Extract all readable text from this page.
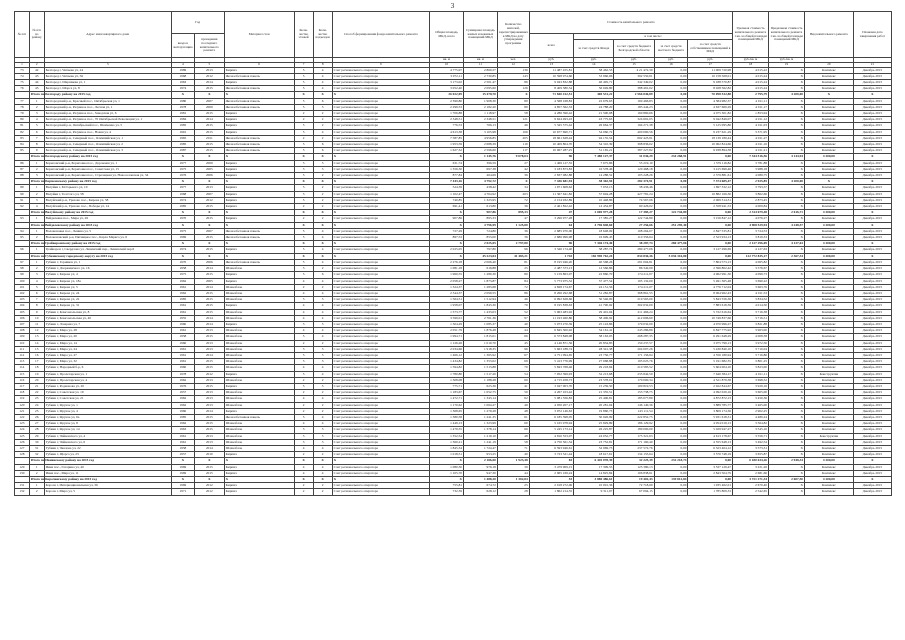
3
№ п/п	№ п/п по району	Адрес многоквартирного дома	Год		Материал стен	Коли-чество этажей	Коли-чество подъездов	Способ формирования фонда капитального ремонта	Общая площадь МКД, всего	Суммарная площадь жилых и нежилых помещений МКД	Количество жителей, зарегистрированных в МКД на дату утверждения программы	Стоимость капитального ремонта					Удельная стоимость капитального ремонта 1 кв. м общей площади помещений МКД	Предельная стоимость капитального ремонта 1 кв. м общей площади помещений МКД	Вид капитального ремонта	Плановая дата завершения работ
			ввода в эксплуатацию	проведения последнего капитального ремонта								всего	в том числе:							
													за счет средств Фонда	за счет средств бюджета Белгородской области	за счет средств местного бюджета	за счет средств собственников помещений в МКД				
									кв. м	кв. м	чел.	руб.	руб.	руб.	руб.	руб.	руб./кв. м	руб./кв. м		
1	2	3	4	5	6	7	8	9	10	11	12	13	14	15	16	17	18	19	20	21
73	42	Белгород г, Чапаева ул, 24	1989	2013	Кирпич	5	4	Счет регионального оператора	4 775,97	2 860,57	136	11 487 455,81	58 462,53	4 21 472,30	0,00	11 009 720,98	4 015,22	X	Комплекс	Декабрь 2015
74	43	Белгород г, Чапаева ул, 56	1968	2012	Железобетонная панель	5	4	Счет регионального оператора	3 972,11	2 730,85	143	10 598 974,66	53 966,06	392 550,61	0,00	10 158 568,01	4 015,24	X	Комплекс	Декабрь 2015
75	44	Белгород г, Шершнева ул, 1	1963	2014	Кирпич	5	4	Счет регионального оператора	3 173,02	2 501,47	86	9 043 832,88	46 495,71	342 349,02	0,00	9 188 570,87	4 015,24	X	Комплекс	Декабрь 2015
76	45	Белгород г, Шорса ул, 8	1974	2015	Железобетонная панель	5	4	Счет регионального оператора	3 052,40	2 095,60	126	8 409 380,54	56 049,80	388 491,02	0,00	8 028 562,82	4 015,24	X	Комплекс	Декабрь 2015
	Итого по Белгороду району на 2015 год		X	X	X	X	X	X	26 022,09	15 478,70	X	71 840 412,51	400 531,22	2 566 846,89	0,00	70 098 532,88	2 795,79	4 200,00	X	X
77	1	Белгородский р-н, Красный пос., Октябрьская ул, 1	1980	2007	Железобетонная панель	5	6	Счет регионального оператора	2 399,80	1 908,30	80	4 568 168,83	22 679,63	160 466,83	0,00	4 384 982,37	4 011,11	X	Комплекс	Декабрь 2015
78	2	Белгородский р-н, Разумное пос., Лесная ул, 1	1978	2009	Железобетонная панель	5	3	Счет регионального оператора	2 299,53	2 182,20	80	4 857 362,33	24 788,20	183 444,23	0,00	4 637 669,29	4 011,17	X	Комплекс	Декабрь 2015
79	3	Белгородский р-н, Разумное пос., Заводская ул, 6	1981	2015	Кирпич	2	2	Счет регионального оператора	1 706,88	1 118,97	58	4 286 396,42	21 590,08	160 860,66	0,00	4 075 301,82	1 853,94	X	Комплекс	Декабрь 2015
80	4	Белгородский р-н, Разумное пос., 70 Октябрьской Революции ул, 1	1984	2014	Кирпич	2	2	Счет регионального оператора	2 348,51	2 348,51	121	9 624 493,43	43 775,63	324 691,05	0,00	9 042 849,07	4 011,12	X	Комплекс	Декабрь 2015
81	5	Белгородский р-н, Октябрьский пос., Шевченко ул, 5	1985	2015	Кирпич	5	2	Счет регионального оператора	776,53	766,13	46	5 345 575,42	26 664,37	194 271,38	0,00	5 125 095,86	4 011,03	X	Комплекс	Декабрь 2015
82	6	Белгородский р-н, Разумное пос., Новая ул, 4	1991	2015	Кирпич	5	4	Счет регионального оператора	4 613,38	3 105,98	166	10 677 690,71	54 060,72	400 060,56	0,00	9 237 621,29	3 371,95	X	Комплекс	Декабрь 2015
83	7	Белгородский р-н, Северный пос., Олимпийская ул, 1	1965	2011	Железобетонная панель	2	2	Счет регионального оператора	7 587,85	4 956,85	205	18 661 628,44	94 135,54	692 423,91	0,00	18 139 180,44	4 011,27	X	Комплекс	Декабрь 2015
84	8	Белгородский р-н, Северный пос., Олимпийская ул, 2	1985	2015	Железобетонная панель	5	6	Счет регионального оператора	1 953,59	2 688,39	119	10 409 804,70	54 310,39	398 836,02	0,00	10 062 824,66	4 011,16	X	Комплекс	Декабрь 2015
85	9	Белгородский р-н, Северный пос., Олимпийская ул, 3	1987	2015	Железобетонная панель	5	6	Счет регионального оператора	1 627,32	2 596,60	117	10 067 287,25	51 165,21	387 227,82	0,00	9 938 894,38	4 011,21	X	Комплекс	Декабрь 2015
	Итого по Белгородскому району на 2015 год		X	X	X	X	X	X	X	1 145,76	9 078,04	96	7 480 127,37	31 036,29	234 268,91	0,00	7 344 516,56	4 144,94	4 200,00	X
86	1	Борисовский р-н, Борисовка пос., Дорожная ул, 1	1977	2009	Кирпич	3	3	Счет регионального оператора	631,74	396,59	27	1 469 127,55	7 675,86	55 219,10	0,00	1 579 116,82	3 781,88	X	Комплекс	Декабрь 2015
87	2	Борисовский р-н, Борисовка пос., Советская ул, 15	1975	2005	Кирпич	3	3	Счет регионального оператора	1 356,30	697,38	42	3 183 873,83	16 578,46	120 468,18	0,00	3 415 699,46	3 988,18	X	Комплекс	Декабрь 2015
88	3	Борисовский р-н, Борисовка пос., Стрелецкая ул, Новоселовская ул, 34	1976	2006	Кирпич	5	2	Счет регионального оператора	877,84	464,69	36	2 837 082,88	14 288,52	105 228,26	0,00	2 379 881,61	4 089,75	X	Комплекс	Декабрь 2015
	Итого по Борисовскому району на 2015 год		X	X	X	X	X	X	7 443,16	4 792,72	X	7 436 681,94	38 362,94	282 374,91	0,00	7 374 685,47	2 925,85	4 200,00	X	X
89	1	Валуйки г, М.Горького ул, 10	1977	2013	Кирпич	3	2	Счет регионального оператора	524,39	438,42	34	1 971 608,62	7 033,15	38 436,46	0,00	1 697 332,12	3 793,57	X	Комплекс	Декабрь 2015
90	2	Валуйки г, Толстого ул, 58	1968	2007	Кирпич	3	2	Счет регионального оператора	1 102,47	4 704,92	203	11 367 641,82	57 694,28	427 781,24	0,00	10 882 166,30	3 862,66	X	Комплекс	Декабрь 2015
91	3	Валуйский р-н, Уразово пос., Кирова ул, 58	1974	2012	Кирпич	5	2	Счет регионального оператора	740,85	1 323,95	72	2 154 932,89	10 448,86	74 567,06	0,00	2 069 314,31	2 873,45	X	Комплекс	Декабрь 2015
92	4	Валуйский р-н, Уразово пос., Победы ул, 14	1985	2015	Кирпич	2	2	Счет регионального оператора	691,41	613,80	36	2 461 822,42	12 454,87	90 426,02	0,00	2 358 941,53	4 009,84	X	Комплекс	Декабрь 2015
	Итого по Валуйскому району на 2015 год		X	X	X	X	X	X	X	907,86	895,33	47	2 069 977,28	17 385,27	122 744,89	0,00	2 314 679,48	2 616,71	4 200,00	X
93	1	Вейделевка пос., Мира ул, 26	1970	2015	Кирпич	2	2	Счет регионального оператора	907,86	895,33	47	3 296 977,28	17 385,27	122 744,89	0,00	3 156 847,12	4 076,27	X	Комплекс	Декабрь 2015
	Итого по Вейделевскому району на 2015 год		X	X	X	X	X	X	X	4 796,99	1 125,80	64	4 796 848,60	27 256,66	251 295,40	0,00	4 908 529,94	4 248,57	4 200,00	X
94	1	Волоконовка пос., Ленина ул, 5	1975	2007	Железобетонная панель	5	4	Счет регионального оператора	727,29	724,80	36	2 685 970,00	18 648,09	108 264,07	0,00	2 847 535,81	3 724,53	X	Комплекс	Декабрь 2015
95	2	Волоконовский р-н, Пятницкое пос., Карла Маркса ул, 6	1969	2015	Железобетонная панель	5	4	Счет регионального оператора	897,53	855,00	36	2 686 996,98	16 699,45	110 356,64	0,00	2 523 934,13	3 819,33	X	Комплекс	Декабрь 2015
	Итого по Грайворонскому району на 2015 год		X	X	X	X	X	X	X	2 025,05	2 797,80	96	7 346 174,40	38 287,74	280 477,06	0,00	2 127 296,69	4 127,63	4 200,00	X
96	1	Грайворон г, Свердлова ул, Ленинский пер., Ленинский пер.6	1974	2015	Кирпич	5	4	Счет регионального оператора	2 025,05	797,80	96	3 346 174,40	38 287,74	280 477,06	0,00	3 127 296,69	4 127,63	X	Комплекс	Декабрь 2015
	Итого по Губкинскому городскому округу на 2015 год		X	X	X	X	X	X	X	45 223,04	41 483,21	1 743	182 990 762,24	834 836,46	5 036 316,80	0,00	122 772 835,17	2 367,34	4 200,00	X
97	1	Губкин г, Горняков ул, 1	1970	2006	Железобетонная панель	5	4	Счет регионального оператора	2 276,18	2 066,40	81	8 195 946,20	40 568,26	291 004,81	0,00	7 804 573,13	4 065,82	X	Комплекс	Декабрь 2015
98	2	Губкин г, Дзержинского ул, 16	1958	2014	Шлакоблок	3	2	Счет регионального оператора	1 081,18	616,88	25	2 487 373,13	12 566,86	86 342,09	0,00	2 396 802,42	3 576,67	X	Комплекс	Декабрь 2015
99	3	Губкин г, Кирова ул, 4	1975	2015	Кирпич	5	6	Счет регионального оператора	1 960,55	1 280,30	80	5 159 863,07	22 860,70	174 211,07	0,00	4 962 991,30	4 099,73	X	Комплекс	Декабрь 2015
100	4	Губкин г, Кирова ул, 18а	1962	2005	Кирпич	4	4	Счет регионального оператора	2 058,27	1 873,87	84	5 773 975,32	37 477,54	195 132,00	0,00	5 491 365,48	3 690,22	X	Комплекс	Декабрь 2015
101	5	Губкин г, Кирова ул, 5	1961	2014	Шлакоблок	2	2	Счет регионального оператора	1 324,37	1 283,68	72	4 828 174,67	24 151,56	174 211,07	0,00	4 776 712,04	3 663,76	X	Комплекс	Декабрь 2015
102	6	Губкин г, Кирова ул, 24	1962	2015	Шлакоблок	4	4	Счет регионального оператора	2 344,37	2 099,55	86	8 266 292,68	51 282,87	368 861,55	0,00	8 064 962,43	4 011,53	X	Комплекс	Декабрь 2015
103	7	Губкин г, Кирова ул, 22	1985	2015	Шлакоблок	3	3	Счет регионального оператора	1 564,51	1 512,94	46	6 092 628,66	30 546,00	219 565,00	0,00	5 843 556,36	3 834,52	X	Комплекс	Декабрь 2015
104	8	Губкин г, Кирова ул, 31	1961	2015	Кирпич	4	4	Счет регионального оператора	1 958,07	1 843,30	70	8 195 838,63	41 790,92	302 632,00	0,00	7 883 618,39	4 014,50	X	Комплекс	Декабрь 2015
105	9	Губкин г, Комсомольская ул, 8	1961	2015	Шлакоблок	4	4	Счет регионального оператора	1 573,77	1 433,03	52	5 963 483,92	29 401,04	211 466,24	0,00	5 722 616,64	3 716,38	X	Комплекс	Декабрь 2015
106	10	Губкин г, Комсомольская ул, 40	1955	2014	Шлакоблок	4	4	Счет регионального оператора	3 599,01	2 761,36	97	11 193 460,86	58 406,92	412 696,60	0,00	10 749 837,66	3 716,51	X	Комплекс	Декабрь 2015
107	11	Губкин г, Лазарева ул, 7	1960	2014	Кирпич	3	3	Счет регионального оператора	1 304,29	1 085,37	40	5 073 270,39	25 143,86	179 032,00	0,00	4 970 996,27	3 821,88	X	Комплекс	Декабрь 2015
108	12	Губкин г, Мира ул, 28	1961	2013	Шлакоблок	4	4	Счет регионального оператора	2 051,79	1 876,48	44	6 845 300,92	34 161,41	243 286,89	0,00	6 847 775,92	3 963,00	X	Комплекс	Декабрь 2015
109	13	Губкин г, Мира ул, 20	1958	2015	Шлакоблок	5	4	Счет регионального оператора	1 994,71	1 815,01	66	6 573 848,08	38 163,05	268 287,35	0,00	6 291 648,29	4 008,38	X	Комплекс	Декабрь 2015
110	14	Губкин г, Мира ул, 14	1960	2013	Шлакоблок	2	2	Счет регионального оператора	1 126,26	1 010,70	45	4 146 871,56	20 834,85	150 237,57	0,00	3 975 799,13	3 972,50	X	Комплекс	Декабрь 2015
111	15	Губкин г, Мира ул, 24	1961	2013	Шлакоблок	3	3	Счет регионального оператора	2 034,66	1 918,35	96	5 663 188,74	28 341,38	204 007,26	0,00	5 430 840,10	3 710,04	X	Комплекс	Декабрь 2015
112	16	Губкин г, Мира ул, 27	1961	2014	Шлакоблок	3	3	Счет регионального оператора	1 466,12	1 365,92	67	4 751 094,65	23 756,77	171 156,94	0,00	4 556 180,94	3 716,86	X	Комплекс	Декабрь 2015
113	17	Губкин г, Мира ул, 32	1961	2015	Шлакоблок	3	3	Счет регионального оператора	1 434,82	1 353,02	69	5 413 776,99	27 068,88	195 025,76	0,00	5 191 682,35	3 801,25	X	Комплекс	Декабрь 2015
114	18	Губкин г, Народный б-р, 6	1960	2015	Шлакоблок	4	4	Счет регионального оператора	1 594,82	1 513,88	70	5 843 768,46	29 218,84	210 585,52	0,00	5 604 004,10	3 823,00	X	Комплекс	Декабрь 2015
115	19	Губкин г, Пролетарская ул, 1	1978	2012	Кирпич	5	4	Счет регионального оператора	1 780,80	1 517,20	54	7 952 399,93	32 213,68	235 842,50	0,00	7 640 384,17	4 011,11	X	Конструктив	Декабрь 2015
116	20	Губкин г, Пролетарская ул, 4	1962	2013	Шлакоблок	2	2	Счет регионального оператора	1 308,08	1 188,28	60	4 715 458,73	23 578,01	170 000,34	0,00	4 521 879,38	3 698,32	X	Комплекс	Декабрь 2015
117	21	Губкин г, Родионова ул, 20	1976	2015	Кирпич	5	5	Счет регионального оператора	775,71	625,36	41	3 047 903,70	15 239,50	109 819,53	0,00	2 922 844,67	3 929,16	X	Комплекс	Декабрь 2015
118	22	Губкин г, Советская ул, 19	1957	2013	Шлакоблок	2	2	Счет регионального оператора	1 183,67	1 052,75	50	4 267 103,42	21 335,51	153 738,75	0,00	4 092 029,16	3 605,00	X	Комплекс	Декабрь 2015
119	23	Губкин г, Советская ул, 21	1962	2013	Шлакоблок	4	4	Счет регионального оператора	1 472,71	1 343,14	62	5 081 356,83	25 406,81	183 077,89	0,00	4 872 872,13	3 450,36	X	Комплекс	Декабрь 2015
120	24	Губкин г, Фрунзе ул, 1	1962	2013	Шлакоблок	2	2	Счет регионального оператора	1 170,62	1 064,27	49	4 056 207,17	20 281,04	146 140,36	0,00	3 889 785,77	3 465,00	X	Комплекс	Декабрь 2015
121	25	Губкин г, Фрунзе ул, 4	1960	2014	Кирпич	2	2	Счет регионального оператора	1 368,65	1 279,28	48	3 972 146,63	19 860,73	143 111,54	0,00	3 809 174,36	2 902,25	X	Комплекс	Декабрь 2015
122	26	Губкин г, Фрунзе ул, 6а	1985	2015	Железобетонная панель	5	4	Счет регионального оператора	1 380,58	1 241,35	61	6 185 398,05	30 926,99	222 852,75	0,00	5 931 618,31	4 480,24	X	Комплекс	Декабрь 2015
123	27	Губкин г, Фрунзе ул, 8	1962	2015	Шлакоблок	4	4	Счет регионального оператора	1 449,13	1 323,99	60	5 165 978,94	25 829,89	186 129,92	0,00	4 954 019,13	3 564,82	X	Комплекс	Декабрь 2015
124	28	Губкин г, Фрунзе ул, 14	1963	2015	Шлакоблок	3	3	Счет регионального оператора	1 479,55	1 378,14	66	5 245 173,14	26 225,87	189 000,00	0,00	5 029 947,27	3 545,10	X	Комплекс	Декабрь 2015
125	29	Губкин г, Чайковского ул, 4	1961	2013	Шлакоблок	3	3	Счет регионального оператора	1 352,54	1 219,10	48	4 810 553,07	24 052,77	173 321,63	0,00	4 613 178,67	3 556,71	X	Конструктив	Декабрь 2015
126	30	Губкин г, Чайковского ул, 6	1961	2013	Шлакоблок	3	3	Счет регионального оператора	1 360,21	1 241,19	58	4 750 561,34	23 752,81	171 160,40	0,00	4 555 648,13	3 492,54	X	Комплекс	Декабрь 2015
127	31	Губкин г, Чкалова ул, 22	1958	2014	Шлакоблок	4	4	Счет регионального оператора	1 845,34	1 724,47	71	6 593 946,61	32 969,73	237 572,76	0,00	6 323 404,12	3 573,31	X	Комплекс	Декабрь 2015
128	32	Губкин г, Щорса ул, 23	1957	2010	Кирпич	2	2	Счет регионального оператора	1 018,51	953,25	40	3 723 521,44	18 617,61	134 155,64	0,00	3 570 748,19	3 655,87	X	Комплекс	Декабрь 2015
	Итого по Ивнянскому району на 2015 год		X	X	X	X	X	X	X	2 186,00	1 923,48	83	6 445 078,39	32 225,39	232 218,74	0,00	6 180 634,26	2 948,34	4 200,00	X
129	1	Ивня пос., Гагарина ул, 40	1969	2015	Кирпич	4	4	Счет регионального оператора	1 080,30	976,18	39	3 479 909,15	17 399,55	125 380,13	0,00	3 337 129,47	3 221,26	X	Комплекс	Декабрь 2015
130	2	Ивня пос., Мира ул, 11	1969	2015	Кирпич	4	4	Счет регионального оператора	1 105,70	947,30	44	2 965 169,24	14 825,84	106 838,61	0,00	2 843 504,79	2 681,66	X	Комплекс	Декабрь 2015
	Итого по Корочанскому району на 2015 год		X	X	X	X	X	X	X	1 488,20	1 302,84	53	3 880 486,61	19 402,43	139 812,84	0,00	3 721 271,34	2 607,50	4 200,00	X
131	1	Короча г, Интернациональная ул, 36	1969	2012	Кирпич	2	2	Счет регионального оператора	755,81	674,72	25	2 018 272,06	10 091,36	72 718,69	0,00	1 935 462,01	2 670,40	X	Комплекс	Декабрь 2015
132	2	Короча г, Мира ул, 5	1971	2012	Кирпич	2	2	Счет регионального оператора	732,39	628,12	28	1 862 214,55	9 311,07	67 094,15	0,00	1 785 809,33	2 542,65	X	Комплекс	Декабрь 2015
